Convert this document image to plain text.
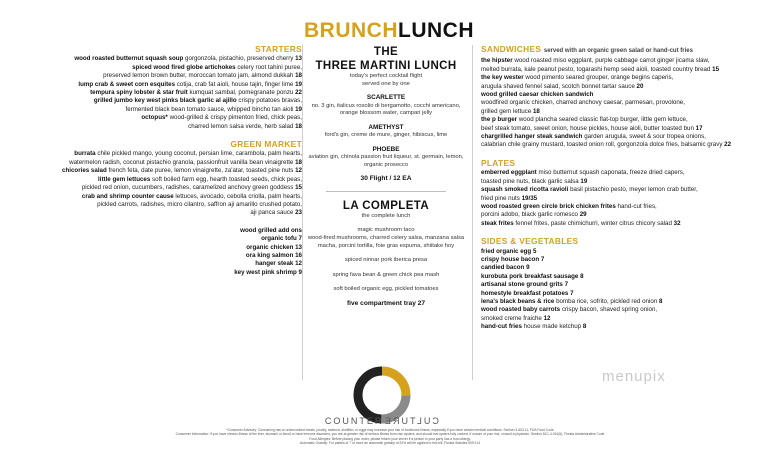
BRUNCHLUNCH
STARTERS
wood roasted butternut squash soup gorgonzola, pistachio, preserved cherry 13
spiced wood fired globe artichokes celery root tahini puree,
preserved lemon brown butter, moroccan tomato jam, almond dukkah 18
lump crab & sweet corn esquites cotija, crab fat aioli, house tajin, finger lime 19
tempura spiny lobster & star fruit kumquat sambal, pomegranate ponzu 22
grilled jumbo key west pinks black garlic al ajillo crispy potatoes bravas,
fermented black bean tomato sauce, whipped bincho tan aioli 19
octopus* wood-grilled & crispy pimenton fried, chick peas,
charred lemon salsa verde, herb salad 18
GREEN MARKET
burrata chile pickled mango, young coconut, persian lime, carambola, palm hearts,
watermelon radish, coconut pistachio granola, passionfruit vanilla bean vinaigrette 18
chicories salad french feta, date puree, lemon vinaigrette, za'atar, toasted pine nuts 12
little gem lettuces soft boiled farm egg, hearth toasted seeds, chick peas,
pickled red onion, cucumbers, radishes, caramelized anchovy green goddess 15
crab and shrimp counter cause lettuces, avocado, cebolla criolla, palm hearts,
pickled carrots, radishes, micro cilantro, saffron aji amarillo crushed potato,
aji panca sauce 23
wood grilled add ons
organic tofu 7
organic chicken 13
ora king salmon 16
hanger steak 12
key west pink shrimp 9
THE
THREE MARTINI LUNCH
today's perfect cocktail flight
served one by one
SCARLETTE
no. 3 gin, italicus rosolio di bergamotto, cocchi americano, orange blossom water, campari jelly
AMETHYST
ford's gin, creme de mure, ginger, hibiscus, lime
PHOEBE
aviation gin, chinola passion fruit liqueur, st. germain, lemon, organic prosecco
30 Flight / 12 EA
LA COMPLETA
the complete lunch
magic mushroom taco
wood-fired mushrooms, charred celery salsa, manzana salsa macha, porcini tortilla, foie gras espuma, shiitake hoy
spiced ninnar pork iberica presa
spring fava bean & green chick pea mash
soft boiled organic egg, pickled tomatoes
five compartment tray 27
SANDWICHES served with an organic green salad or hand-cut fries
the hipster wood roasted miso eggplant, purple cabbage carrot ginger jicama slaw,
melted burrata, kale peanut pesto, togarashi hemp seed aioli, toasted country bread 15
the key wester wood pimento seared grouper, orange begins caperis,
arugula shaved fennel salad, scotch bonnet tartar sauce 20
wood grilled caesar chicken sandwich
woodfired organic chicken, charred anchovy caesar, parmesan, provolone,
grilled gem lettuce 18
the p burger wood plancha seared classic flat-top burger, little gem lettuce,
beef steak tomato, sweet onion, house pickles, house aioli, butter toasted bun 17
chargrilled hanger steak sandwich garden arugula, sweet & sour tropea onions,
calabrian chile grainy mustard, toasted onion roll, gorgonzola dolce fries, balsamic gravy 22
PLATES
emberred eggplant miso butternut squash caponata, freeze dried capers,
toasted pine nuts, black garlic salsa 19
squash smoked ricotta ravioli basil pistachio pesto, meyer lemon crab butter,
fried pine nuts 19/35
wood roasted green circle brick chicken frites hand-cut fries,
porcini adobo, black garlic romesco 29
steak frites fennel frites, paste chimichurri, winter citrus chicory salad 32
SIDES & VEGETABLES
fried organic egg 5
crispy house bacon 7
candied bacon 9
kurobuta pork breakfast sausage 8
artisanal stone ground grits 7
homestyle breakfast potatoes 7
lena's black beans & rice bomba rice, sofrito, pickled red onion 8
wood roasted baby carrots crispy bacon, shaved spring onion,
smoked creme fraiche 12
hand-cut fries house made ketchup 8
COUNTERCULTURE
menupix
*Consumer Advisory: Consuming raw or undercooked meats, poultry, seafood, shellfish, or eggs may increase your risk of foodborne illness, especially if you have certain medical conditions. Section 3-603.11, FDA Food Code
Consumer Information: If you have chronic illness of the liver, stomach or blood or have immune disorders, you are at greater risk of serious illness from raw oysters, and should eat oysters fully cooked. If unsure of your risk, consult a physician. Section 61C-4.010(6), Florida Administrative Code
Food Allergies: Before placing your order, please inform your server if a person in your party has a food allergy.
Automatic Gratuity: For parties of 7 or more an automatic gratuity of 20% will be applied to this bill. Florida Statutes 509.214
